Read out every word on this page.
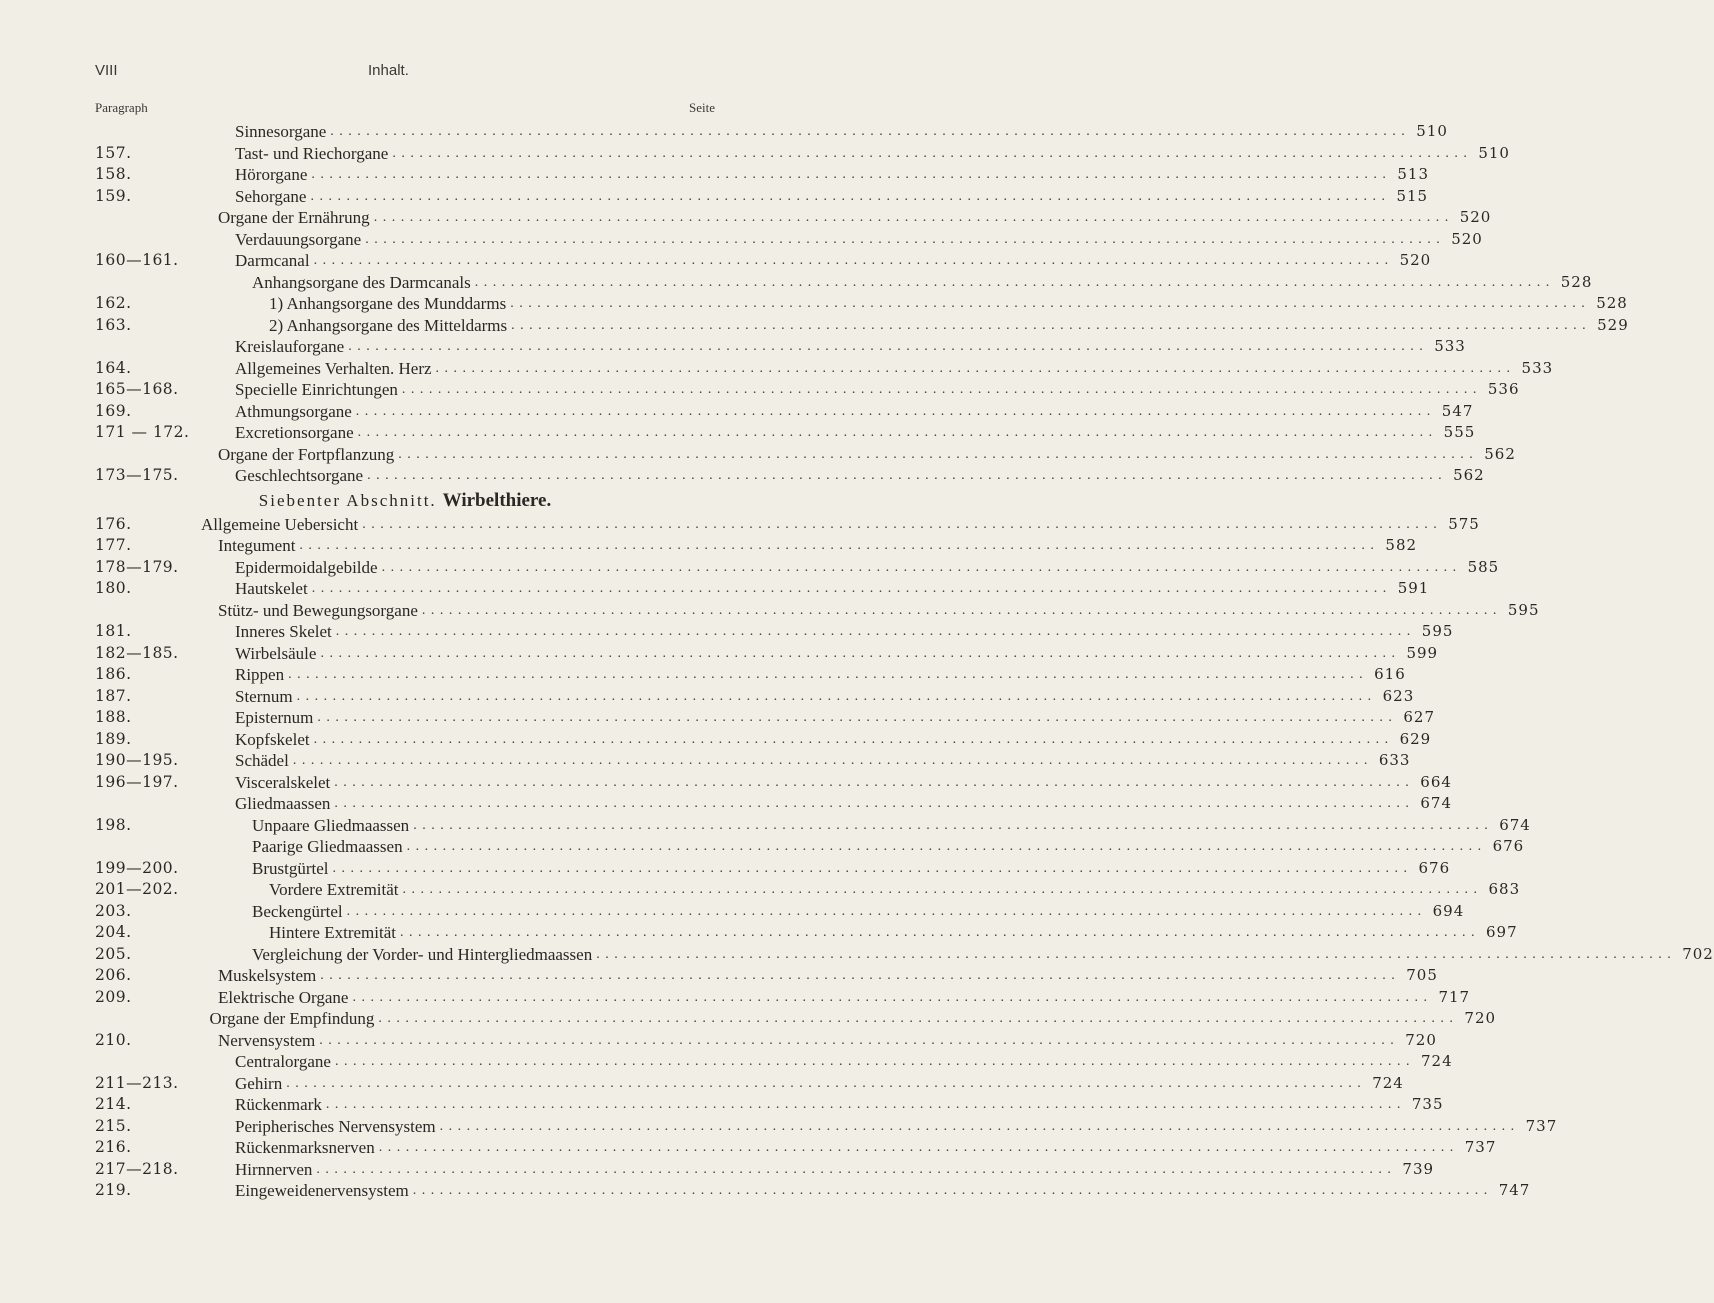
VIII	Inhalt.
Paragraph	Seite
Sinnesorgane ........................................................................................................................ 510
157.	Tast- und Riechorgane ........................................................................................................................ 510
158.	Hörorgane ........................................................................................................................ 513
159.	Sehorgane ........................................................................................................................ 515
Organe der Ernährung ........................................................................................................................ 520
Verdauungsorgane ........................................................................................................................ 520
160—161.	Darmcanal ........................................................................................................................ 520
Anhangsorgane des Darmcanals ........................................................................................................................ 528
162.	1) Anhangsorgane des Munddarms ........................................................................................................................ 528
163.	2) Anhangsorgane des Mitteldarms ........................................................................................................................ 529
Kreislauforgane ........................................................................................................................ 533
164.	Allgemeines Verhalten. Herz ........................................................................................................................ 533
165—168.	Specielle Einrichtungen ........................................................................................................................ 536
169.	Athmungsorgane ........................................................................................................................ 547
171 — 172.	Excretionsorgane ........................................................................................................................ 555
Organe der Fortpflanzung ........................................................................................................................ 562
173—175.	Geschlechtsorgane ........................................................................................................................ 562
Siebenter Abschnitt. Wirbelthiere.
176.	Allgemeine Uebersicht ........................................................................................................................ 575
177.	Integument ........................................................................................................................ 582
178—179.	Epidermoidalgebilde ........................................................................................................................ 585
180.	Hautskelet ........................................................................................................................ 591
Stütz- und Bewegungsorgane ........................................................................................................................ 595
181.	Inneres Skelet ........................................................................................................................ 595
182—185.	Wirbelsäule ........................................................................................................................ 599
186.	Rippen ........................................................................................................................ 616
187.	Sternum ........................................................................................................................ 623
188.	Episternum ........................................................................................................................ 627
189.	Kopfskelet ........................................................................................................................ 629
190—195.	Schädel ........................................................................................................................ 633
196—197.	Visceralskelet ........................................................................................................................ 664
Gliedmaassen ........................................................................................................................ 674
198.	Unpaare Gliedmaassen ........................................................................................................................ 674
Paarige Gliedmaassen ........................................................................................................................ 676
199—200.	Brustgürtel ........................................................................................................................ 676
201—202.	Vordere Extremität ........................................................................................................................ 683
203.	Beckengürtel ........................................................................................................................ 694
204.	Hintere Extremität ........................................................................................................................ 697
205.	Vergleichung der Vorder- und Hintergliedmaassen ........................................................................................................................ 702
206.	Muskelsystem ........................................................................................................................ 705
209.	Elektrische Organe ........................................................................................................................ 717
Organe der Empfindung ........................................................................................................................ 720
210.	Nervensystem ........................................................................................................................ 720
Centralorgane ........................................................................................................................ 724
211—213.	Gehirn ........................................................................................................................ 724
214.	Rückenmark ........................................................................................................................ 735
215.	Peripherisches Nervensystem ........................................................................................................................ 737
216.	Rückenmarksnerven ........................................................................................................................ 737
217—218.	Hirnnerven ........................................................................................................................ 739
219.	Eingeweidenervensystem ........................................................................................................................ 747
